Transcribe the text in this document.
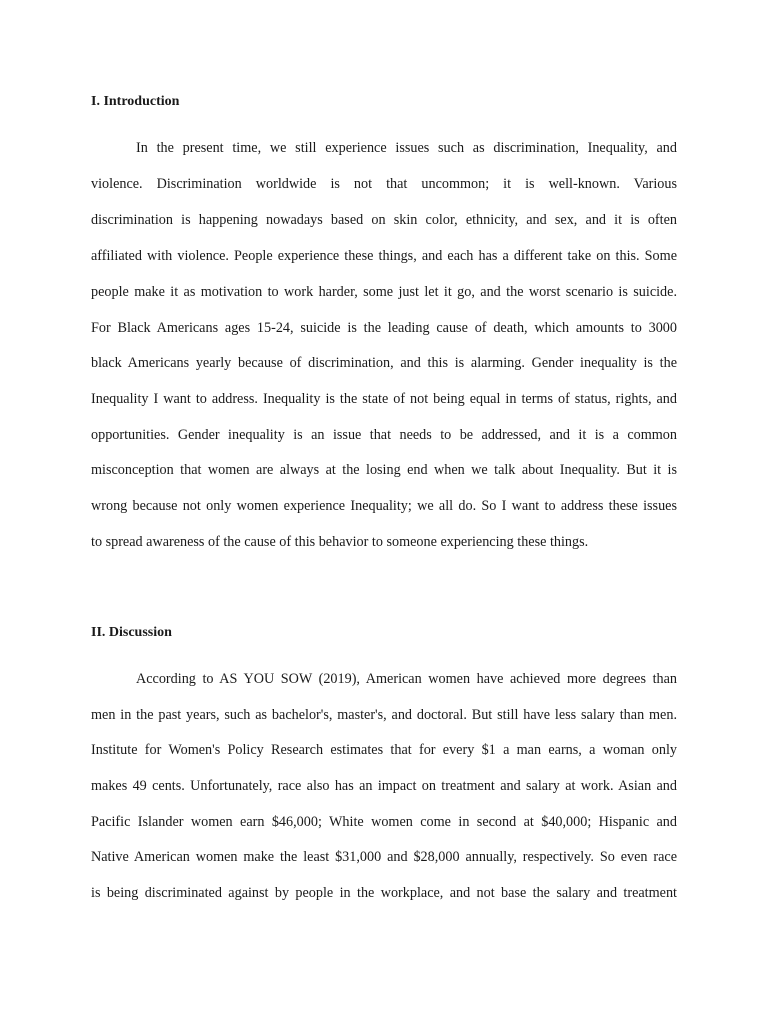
I. Introduction
In the present time, we still experience issues such as discrimination, Inequality, and
violence. Discrimination worldwide is not that uncommon; it is well-known. Various
discrimination is happening nowadays based on skin color, ethnicity, and sex, and it is often
affiliated with violence. People experience these things, and each has a different take on this. Some
people make it as motivation to work harder, some just let it go, and the worst scenario is suicide.
For Black Americans ages 15-24, suicide is the leading cause of death, which amounts to 3000
black Americans yearly because of discrimination, and this is alarming. Gender inequality is the
Inequality I want to address. Inequality is the state of not being equal in terms of status, rights, and
opportunities. Gender inequality is an issue that needs to be addressed, and it is a common
misconception that women are always at the losing end when we talk about Inequality. But it is
wrong because not only women experience Inequality; we all do. So I want to address these issues
to spread awareness of the cause of this behavior to someone experiencing these things.
II. Discussion
According to AS YOU SOW (2019), American women have achieved more degrees than
men in the past years, such as bachelor's, master's, and doctoral. But still have less salary than men.
Institute for Women's Policy Research estimates that for every $1 a man earns, a woman only
makes 49 cents. Unfortunately, race also has an impact on treatment and salary at work. Asian and
Pacific Islander women earn $46,000; White women come in second at $40,000; Hispanic and
Native American women make the least $31,000 and $28,000 annually, respectively. So even race
is being discriminated against by people in the workplace, and not base the salary and treatment
